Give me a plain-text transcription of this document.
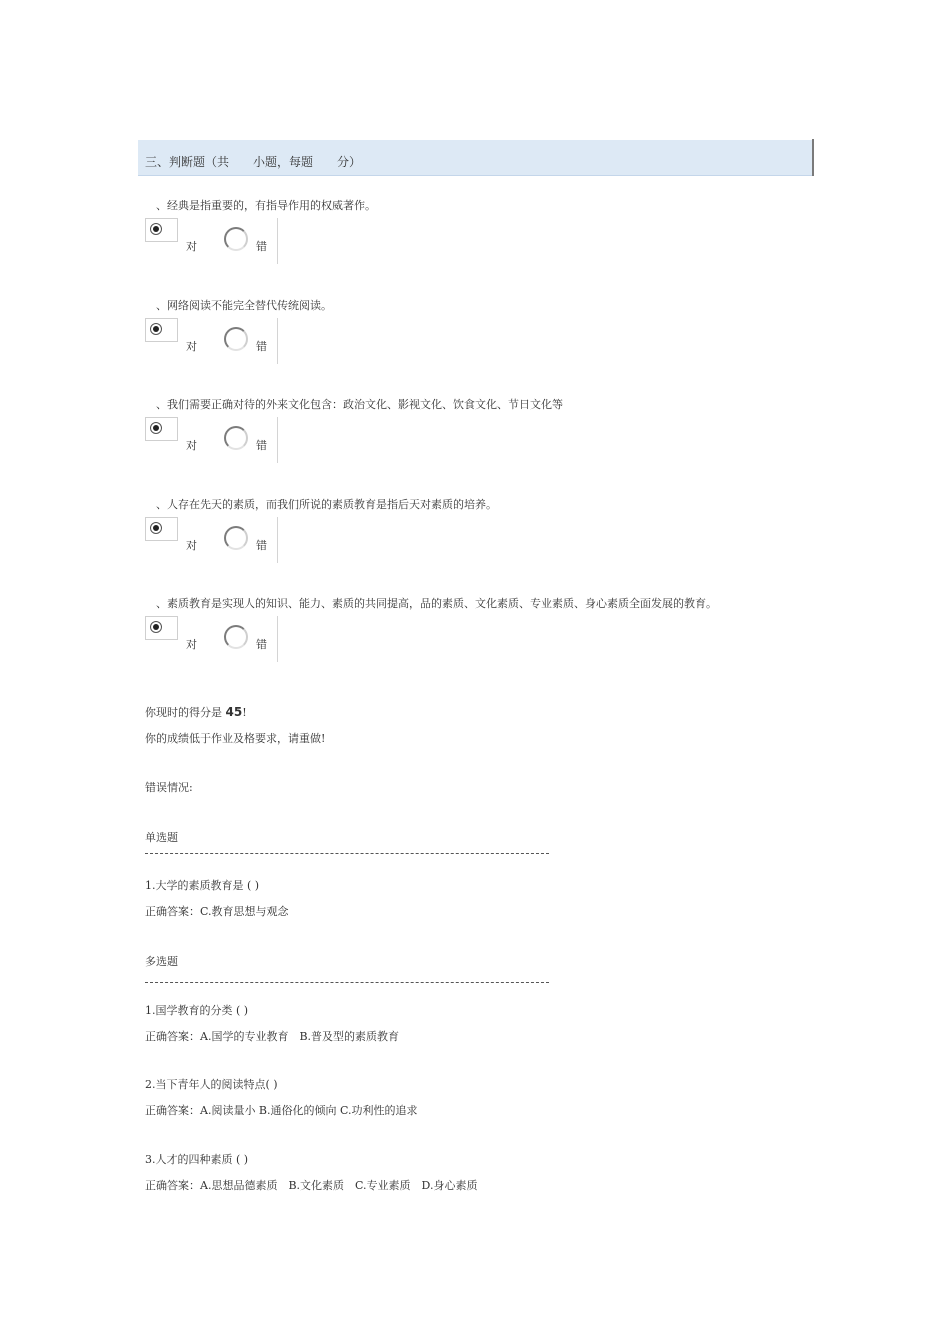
三、判断题（共　　小题，每题　　分）
　、经典是指重要的，有指导作用的权威著作。
对	错
　、网络阅读不能完全替代传统阅读。
对	错
　、我们需要正确对待的外来文化包含：政治文化、影视文化、饮食文化、节日文化等
对	错
　、人存在先天的素质，而我们所说的素质教育是指后天对素质的培养。
对	错
　、素质教育是实现人的知识、能力、素质的共同提高，品的素质、文化素质、专业素质、身心素质全面发展的教育。
对	错
你现时的得分是 45!
你的成绩低于作业及格要求，请重做!
错误情况:
单选题
1.大学的素质教育是 ( )
正确答案：C.教育思想与观念
多选题
1.国学教育的分类 ( )
正确答案：A.国学的专业教育　B.普及型的素质教育
2.当下青年人的阅读特点( )
正确答案：A.阅读量小 B.通俗化的倾向 C.功利性的追求
3.人才的四种素质 ( )
正确答案：A.思想品德素质　B.文化素质　C.专业素质　D.身心素质
